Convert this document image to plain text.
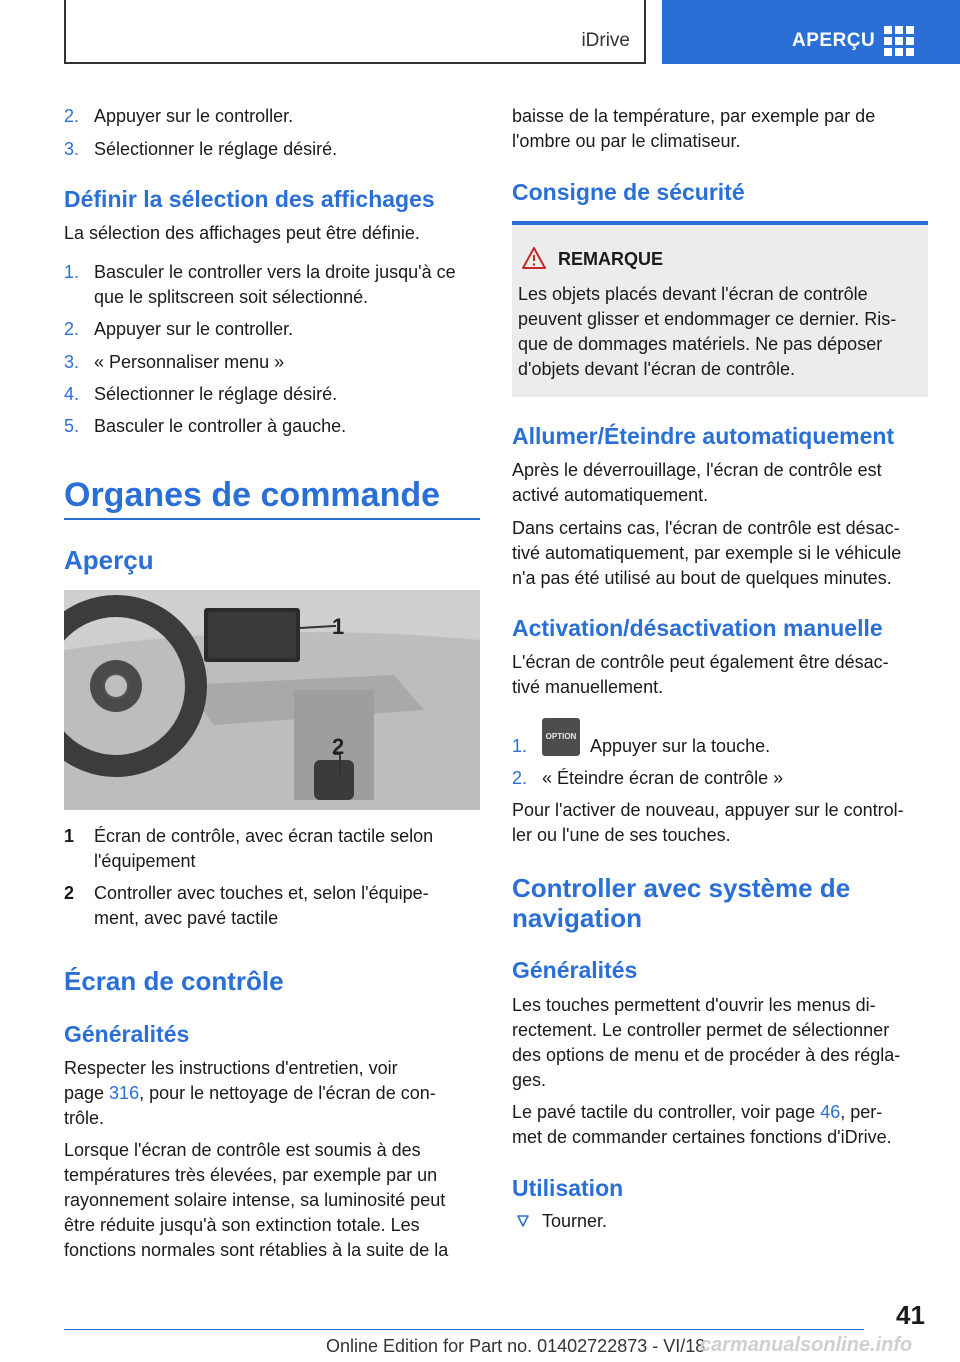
iDrive	APERÇU
2. Appuyer sur le controller.
3. Sélectionner le réglage désiré.
Définir la sélection des affichages
La sélection des affichages peut être définie.
1. Basculer le controller vers la droite jusqu'à ce
que le splitscreen soit sélectionné.
2. Appuyer sur le controller.
3. « Personnaliser menu »
4. Sélectionner le réglage désiré.
5. Basculer le controller à gauche.
Organes de commande
Aperçu
1
2
1 Écran de contrôle, avec écran tactile selon
l'équipement
2 Controller avec touches et, selon l'équipe-
ment, avec pavé tactile
Écran de contrôle
Généralités
Respecter les instructions d'entretien, voir
page 316, pour le nettoyage de l'écran de con-
trôle.
Lorsque l'écran de contrôle est soumis à des
températures très élevées, par exemple par un
rayonnement solaire intense, sa luminosité peut
être réduite jusqu'à son extinction totale. Les
fonctions normales sont rétablies à la suite de la
baisse de la température, par exemple par de
l'ombre ou par le climatiseur.
Consigne de sécurité
REMARQUE
Les objets placés devant l'écran de contrôle
peuvent glisser et endommager ce dernier. Ris-
que de dommages matériels. Ne pas déposer
d'objets devant l'écran de contrôle.
Allumer/Éteindre automatiquement
Après le déverrouillage, l'écran de contrôle est
activé automatiquement.
Dans certains cas, l'écran de contrôle est désac-
tivé automatiquement, par exemple si le véhicule
n'a pas été utilisé au bout de quelques minutes.
Activation/désactivation manuelle
L'écran de contrôle peut également être désac-
tivé manuellement.
1.	OPTION Appuyer sur la touche.
2. « Éteindre écran de contrôle »
Pour l'activer de nouveau, appuyer sur le control-
ler ou l'une de ses touches.
Controller avec système de
navigation
Généralités
Les touches permettent d'ouvrir les menus di-
rectement. Le controller permet de sélectionner
des options de menu et de procéder à des régla-
ges.
Le pavé tactile du controller, voir page 46, per-
met de commander certaines fonctions d'iDrive.
Utilisation
Tourner.
41
Online Edition for Part no. 01402722873 - VI/18
carmanualsonline.info
